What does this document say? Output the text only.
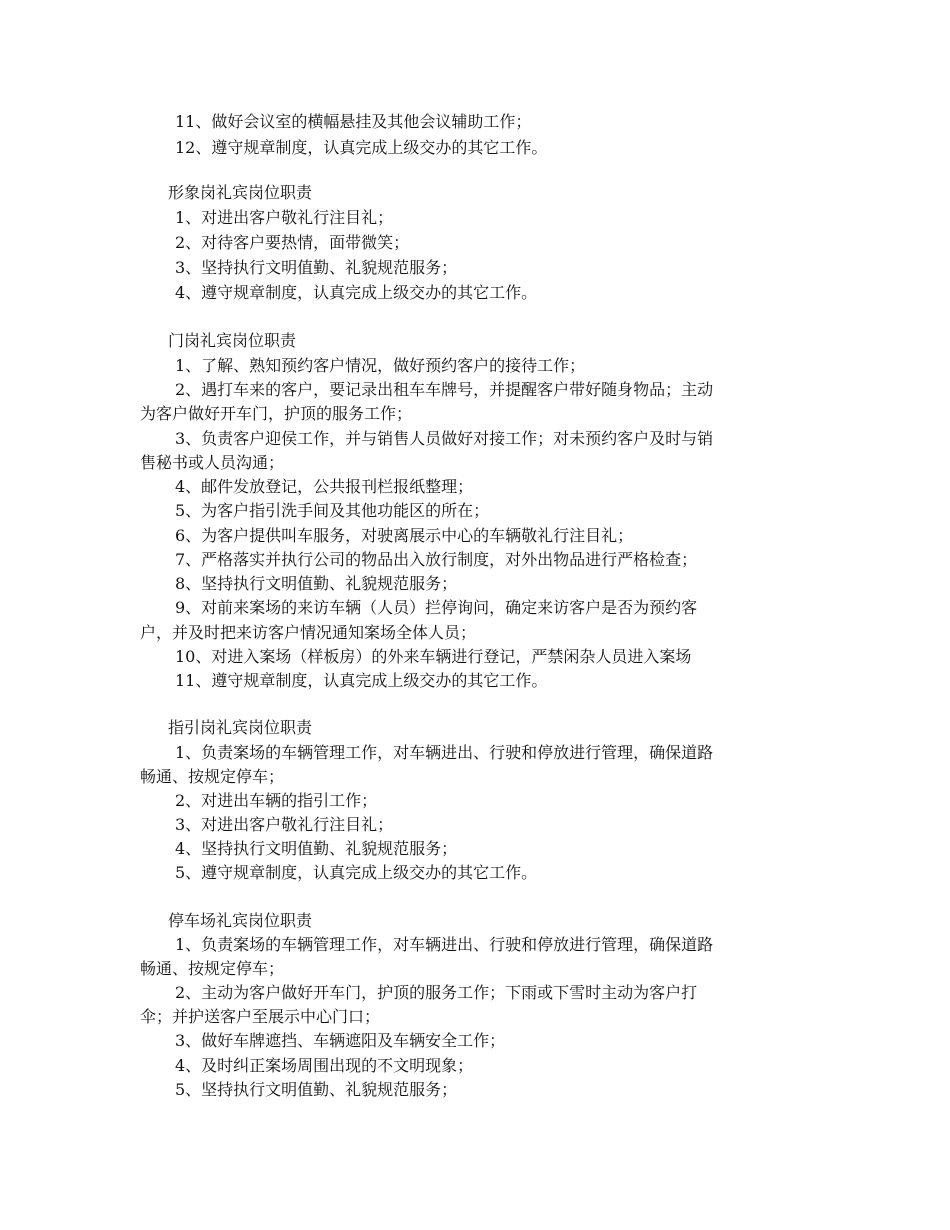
11、做好会议室的横幅悬挂及其他会议辅助工作；

12、遵守规章制度，认真完成上级交办的其它工作。

形象岗礼宾岗位职责

1、对进出客户敬礼行注目礼；

2、对待客户要热情，面带微笑；

3、坚持执行文明值勤、礼貌规范服务；

4、遵守规章制度，认真完成上级交办的其它工作。

门岗礼宾岗位职责

1、了解、熟知预约客户情况，做好预约客户的接待工作；

2、遇打车来的客户，要记录出租车车牌号，并提醒客户带好随身物品；主动

为客户做好开车门，护顶的服务工作；

3、负责客户迎侯工作，并与销售人员做好对接工作；对未预约客户及时与销

售秘书或人员沟通；

4、邮件发放登记，公共报刊栏报纸整理；

5、为客户指引洗手间及其他功能区的所在；

6、为客户提供叫车服务，对驶离展示中心的车辆敬礼行注目礼；

7、严格落实并执行公司的物品出入放行制度，对外出物品进行严格检查；

8、坚持执行文明值勤、礼貌规范服务；

9、对前来案场的来访车辆（人员）拦停询问，确定来访客户是否为预约客

户，并及时把来访客户情况通知案场全体人员；

10、对进入案场（样板房）的外来车辆进行登记，严禁闲杂人员进入案场

11、遵守规章制度，认真完成上级交办的其它工作。

指引岗礼宾岗位职责

1、负责案场的车辆管理工作，对车辆进出、行驶和停放进行管理，确保道路

畅通、按规定停车；

2、对进出车辆的指引工作；

3、对进出客户敬礼行注目礼；

4、坚持执行文明值勤、礼貌规范服务；

5、遵守规章制度，认真完成上级交办的其它工作。

停车场礼宾岗位职责

1、负责案场的车辆管理工作，对车辆进出、行驶和停放进行管理，确保道路

畅通、按规定停车；

2、主动为客户做好开车门，护顶的服务工作；下雨或下雪时主动为客户打

伞；并护送客户至展示中心门口；

3、做好车牌遮挡、车辆遮阳及车辆安全工作；

4、及时纠正案场周围出现的不文明现象；

5、坚持执行文明值勤、礼貌规范服务；
